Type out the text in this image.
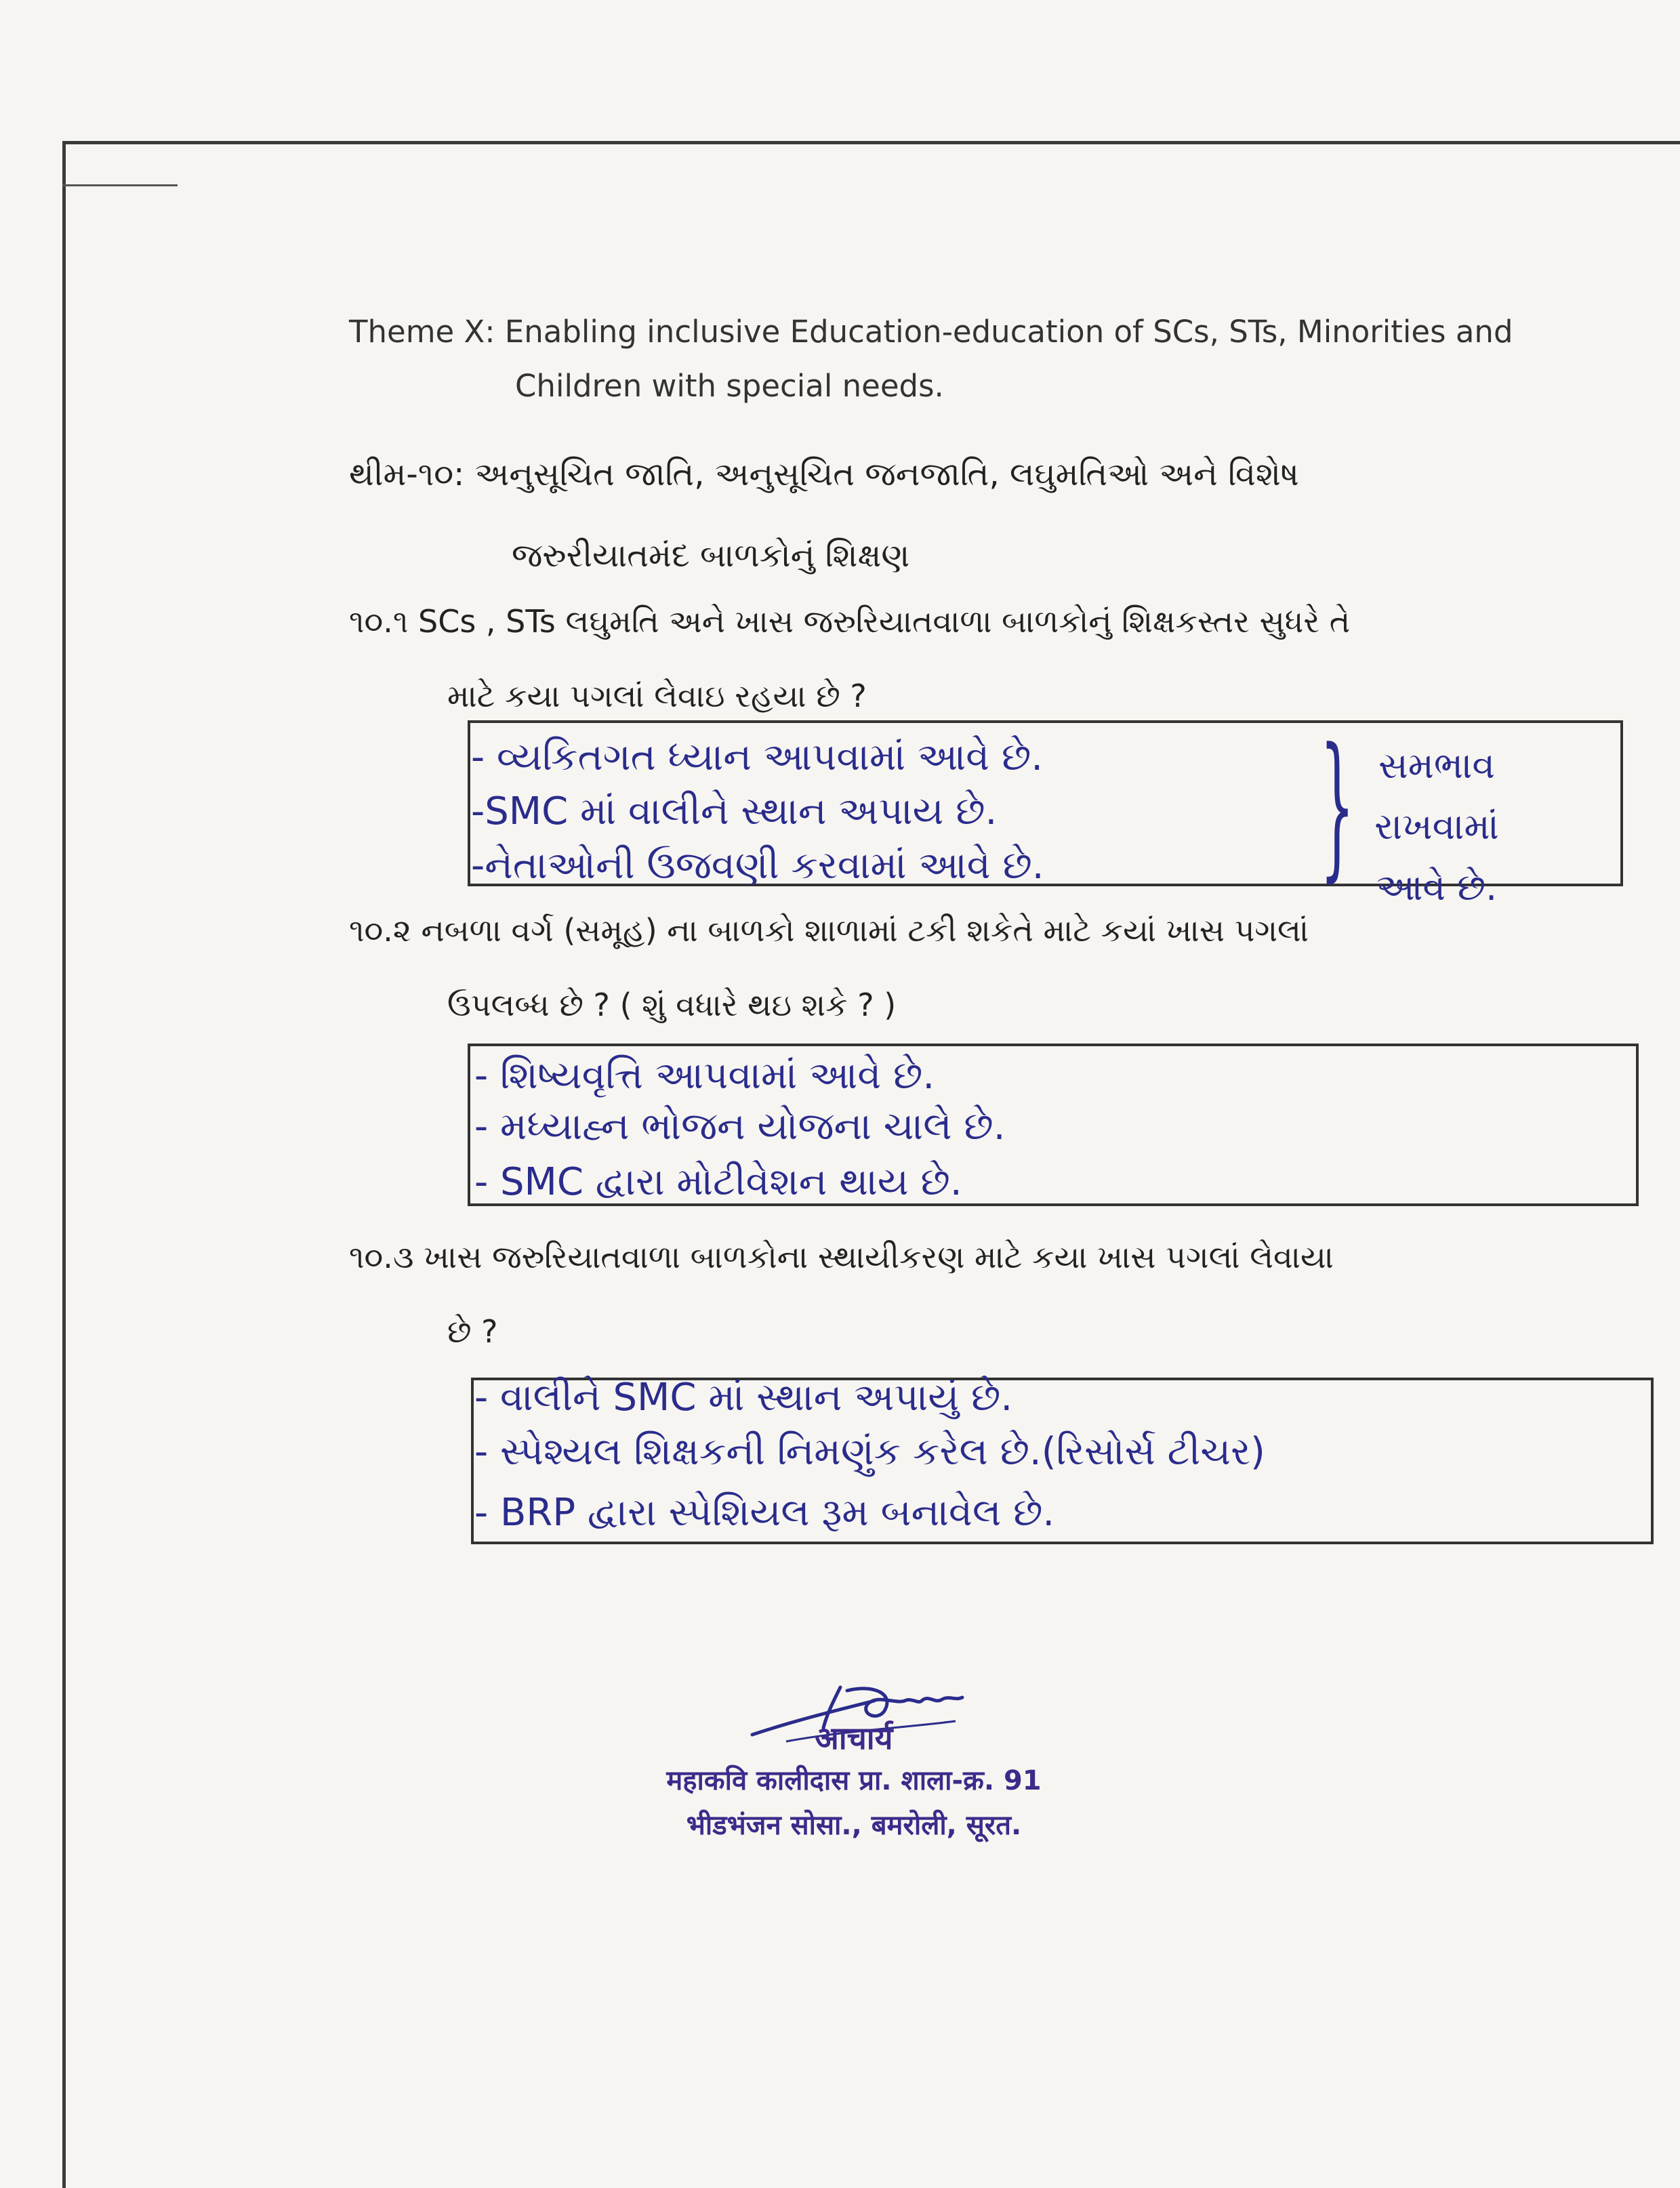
Theme X: Enabling inclusive Education-education of SCs, STs, Minorities and
Children with special needs.
થીમ-૧૦: અનુસૂચિત જાતિ, અનુસૂચિત જનજાતિ, લઘુમતિઓ અને વિશેષ
જરુરીયાતમંદ બાળકોનું શિક્ષણ
૧૦.૧ SCs , STs લઘુમતિ અને ખાસ જરુરિયાતવાળા બાળકોનું શિક્ષકસ્તર સુધરે તે
માટે કયા પગલાં લેવાઇ રહયા છે ?
- વ્યકિતગત ધ્યાન આપવામાં આવે છે.
-SMC માં વાલીને સ્થાન અપાય છે.
-નેતાઓની ઉજવણી કરવામાં આવે છે. } સમભાવ
રાખવામાં
આવે છે.
૧૦.૨ નબળા વર્ગ (સમૂહ) ના બાળકો શાળામાં ટકી શકેતે માટે કયાં ખાસ પગલાં
ઉપલબ્ધ છે ? ( શું વધારે થઇ શકે ? )
- શિષ્યવૃત્તિ આપવામાં આવે છે.
- મધ્યાહ્ન ભોજન યોજના ચાલે છે.
- SMC દ્વારા મોટીવેશન થાય છે.
૧૦.૩ ખાસ જરુરિયાતવાળા બાળકોના સ્થાયીકરણ માટે કયા ખાસ પગલાં લેવાયા
છે ?
- વાલીને SMC માં સ્થાન અપાયું છે.
- સ્પેશ્યલ શિક્ષકની નિમણુંક કરેલ છે.(રિસોર્સ ટીચર)
- BRP દ્વારા સ્પેશિયલ રૂમ બનાવેલ છે.
आचार्य
महाकवि कालीदास प्रा. शाला-क्र. 91
भीडभंजन सोसा., बमरोली, सूरत.
